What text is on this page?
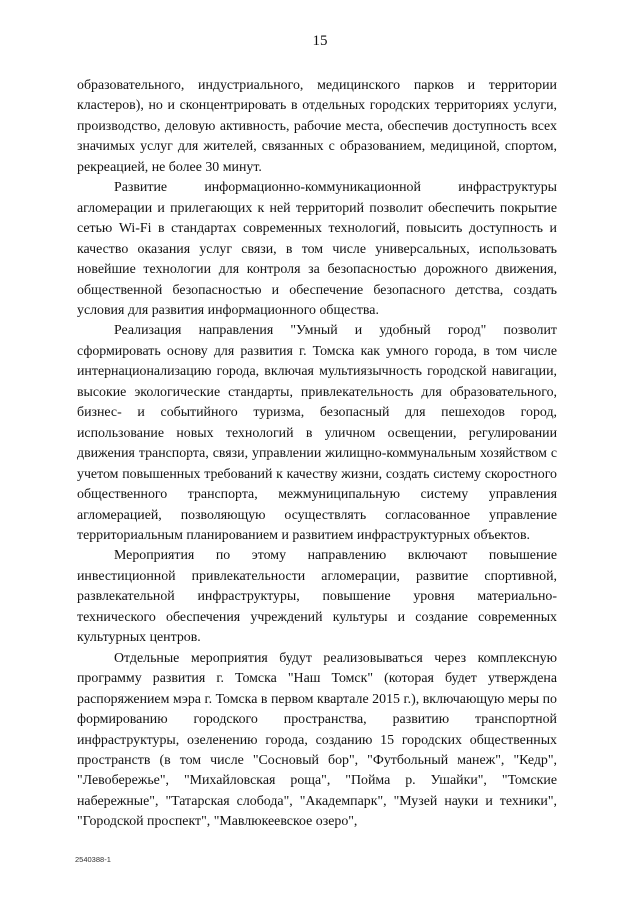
15

образовательного, индустриального, медицинского парков и территории кластеров), но и сконцентрировать в отдельных городских территориях услуги, производство, деловую активность, рабочие места, обеспечив доступность всех значимых услуг для жителей, связанных с образованием, медициной, спортом, рекреацией, не более 30 минут.

Развитие информационно-коммуникационной инфраструктуры агломерации и прилегающих к ней территорий позволит обеспечить покрытие сетью Wi-Fi в стандартах современных технологий, повысить доступность и качество оказания услуг связи, в том числе универсальных, использовать новейшие технологии для контроля за безопасностью дорожного движения, общественной безопасностью и обеспечение безопасного детства, создать условия для развития информационного общества.

Реализация направления "Умный и удобный город" позволит сформировать основу для развития г. Томска как умного города, в том числе интернационализацию города, включая мультиязычность городской навигации, высокие экологические стандарты, привлекательность для образовательного, бизнес- и событийного туризма, безопасный для пешеходов город, использование новых технологий в уличном освещении, регулировании движения транспорта, связи, управлении жилищно-коммунальным хозяйством с учетом повышенных требований к качеству жизни, создать систему скоростного общественного транспорта, межмуниципальную систему управления агломерацией, позволяющую осуществлять согласованное управление территориальным планированием и развитием инфраструктурных объектов.

Мероприятия по этому направлению включают повышение инвестиционной привлекательности агломерации, развитие спортивной, развлекательной инфраструктуры, повышение уровня материально-технического обеспечения учреждений культуры и создание современных культурных центров.

Отдельные мероприятия будут реализовываться через комплексную программу развития г. Томска "Наш Томск" (которая будет утверждена распоряжением мэра г. Томска в первом квартале 2015 г.), включающую меры по формированию городского пространства, развитию транспортной инфраструктуры, озеленению города, созданию 15 городских общественных пространств (в том числе "Сосновый бор", "Футбольный манеж", "Кедр", "Левобережье", "Михайловская роща", "Пойма р. Ушайки", "Томские набережные", "Татарская слобода", "Академпарк", "Музей науки и техники", "Городской проспект", "Мавлюкеевское озеро",

2540388-1
